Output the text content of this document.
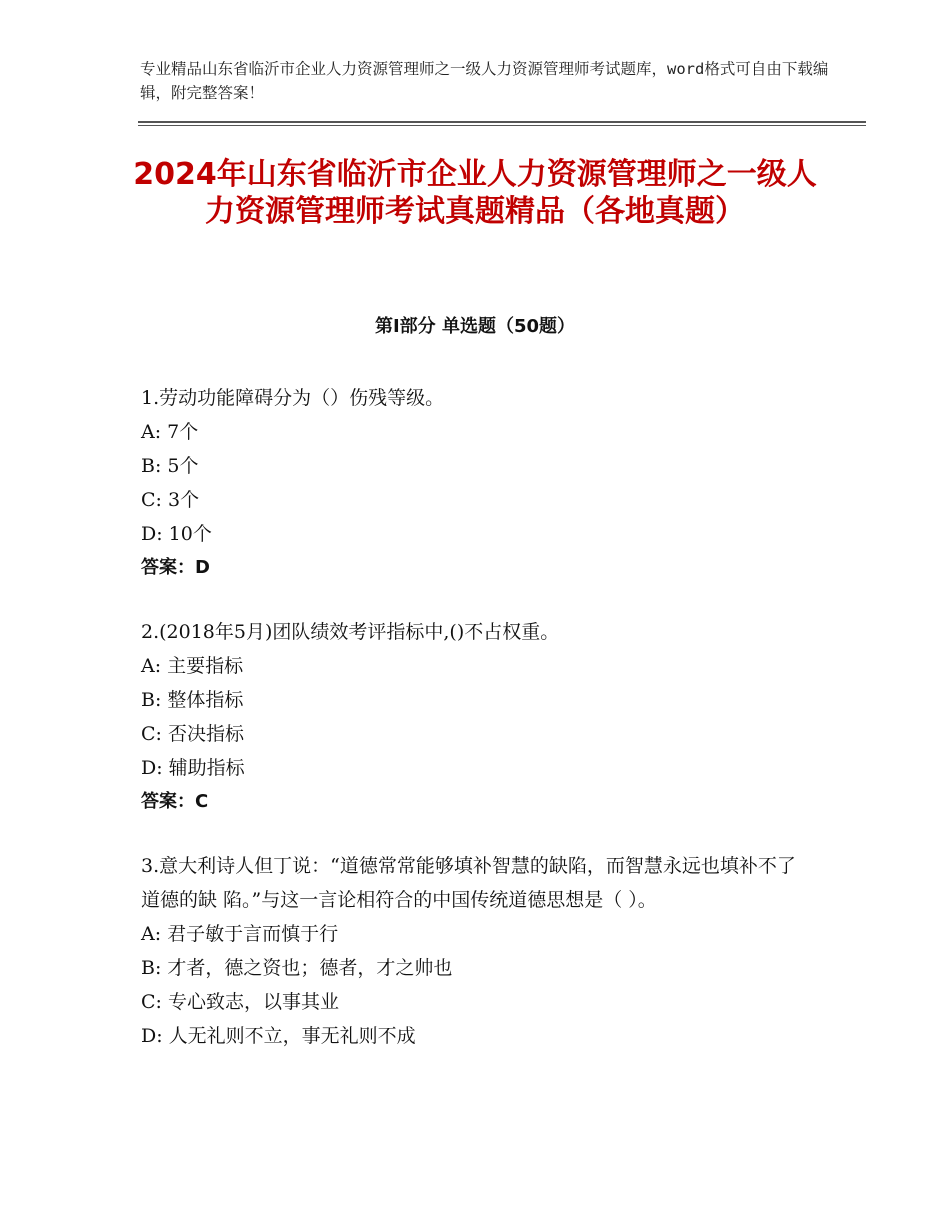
专业精品山东省临沂市企业人力资源管理师之一级人力资源管理师考试题库，word格式可自由下载编辑，附完整答案！
2024年山东省临沂市企业人力资源管理师之一级人力资源管理师考试真题精品（各地真题）
第Ⅰ部分 单选题（50题）

1.劳动功能障碍分为（）伤残等级。

A: 7个

B: 5个

C: 3个

D: 10个

答案：D

2.(2018年5月)团队绩效考评指标中,()不占权重。

A: 主要指标

B: 整体指标

C: 否决指标

D: 辅助指标

答案：C

3.意大利诗人但丁说：“道德常常能够填补智慧的缺陷，而智慧永远也填补不了道德的缺 陷。”与这一言论相符合的中国传统道德思想是（ ）。

A: 君子敏于言而慎于行

B: 才者，德之资也；德者，才之帅也

C: 专心致志，以事其业

D: 人无礼则不立，事无礼则不成
